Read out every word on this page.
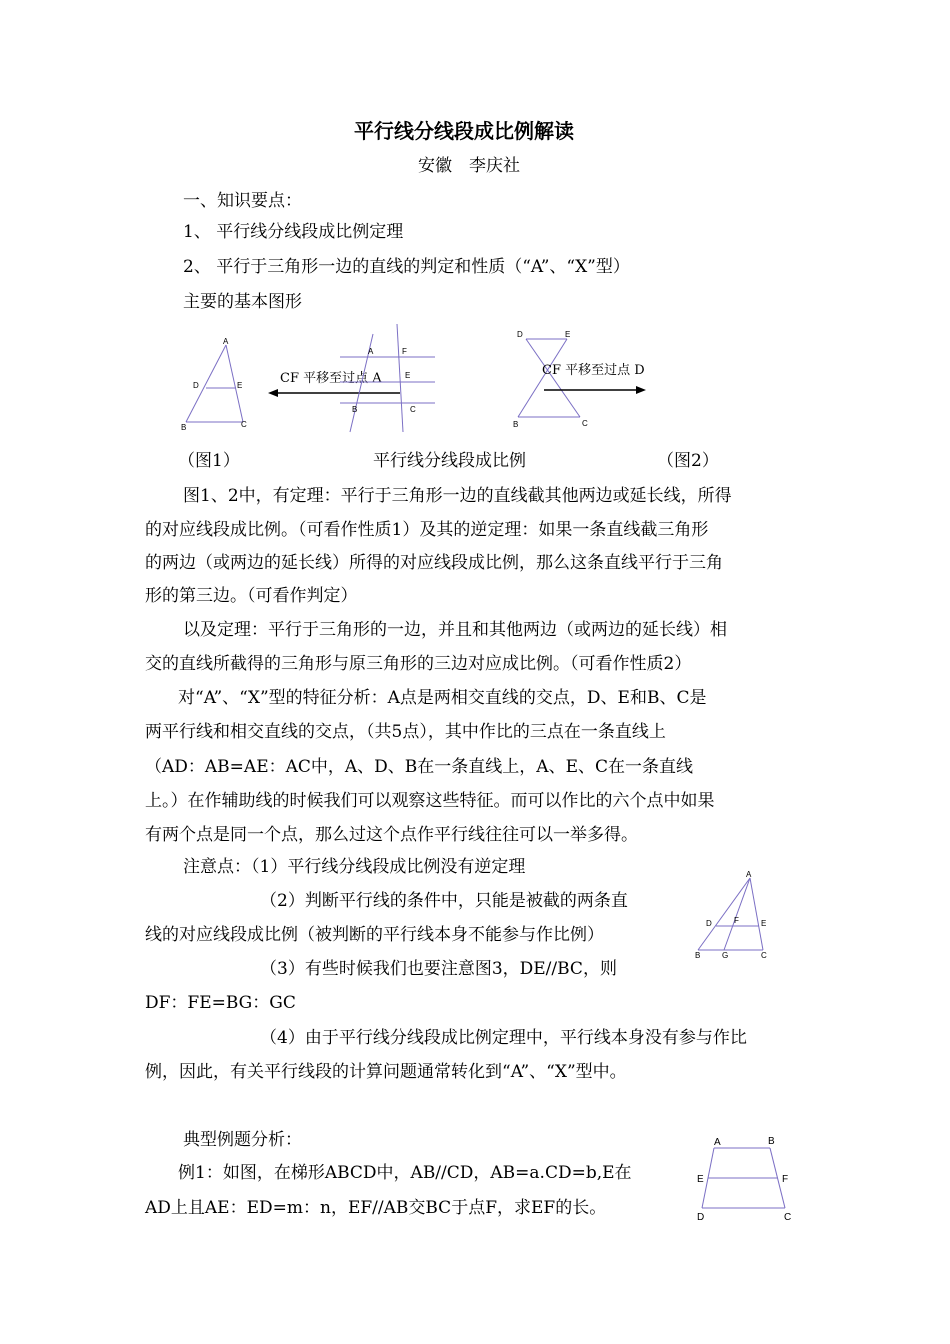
平行线分线段成比例解读
安徽　李庆社
一、知识要点：
1、 平行线分线段成比例定理
2、 平行于三角形一边的直线的判定和性质（“A”、“X”型）
主要的基本图形
A
D	E
B	C
CF 平移至过点 A
A	F
E
B	C
D	E
B	C
CF 平移至过点 D
（图1）	平行线分线段成比例	（图2）
图1、2中，有定理：平行于三角形一边的直线截其他两边或延长线，所得
的对应线段成比例。（可看作性质1）及其的逆定理：如果一条直线截三角形
的两边（或两边的延长线）所得的对应线段成比例，那么这条直线平行于三角
形的第三边。（可看作判定）
以及定理：平行于三角形的一边，并且和其他两边（或两边的延长线）相
交的直线所截得的三角形与原三角形的三边对应成比例。（可看作性质2）
对“A”、“X”型的特征分析：A点是两相交直线的交点，D、E和B、C是
两平行线和相交直线的交点，（共5点），其中作比的三点在一条直线上
（AD：AB=AE：AC中，A、D、B在一条直线上，A、E、C在一条直线
上。）在作辅助线的时候我们可以观察这些特征。而可以作比的六个点中如果
有两个点是同一个点，那么过这个点作平行线往往可以一举多得。
注意点：（1）平行线分线段成比例没有逆定理
（2）判断平行线的条件中，只能是被截的两条直
线的对应线段成比例（被判断的平行线本身不能参与作比例）
（3）有些时候我们也要注意图3，DE//BC，则
DF：FE=BG：GC
（4）由于平行线分线段成比例定理中，平行线本身没有参与作比
例，因此，有关平行线段的计算问题通常转化到“A”、“X”型中。
A
D	F	E
B	G	C
典型例题分析：
例1：如图，在梯形ABCD中，AB//CD，AB=a.CD=b,E在
AD上且AE：ED=m：n，EF//AB交BC于点F，求EF的长。
A	B
E	F
D	C
